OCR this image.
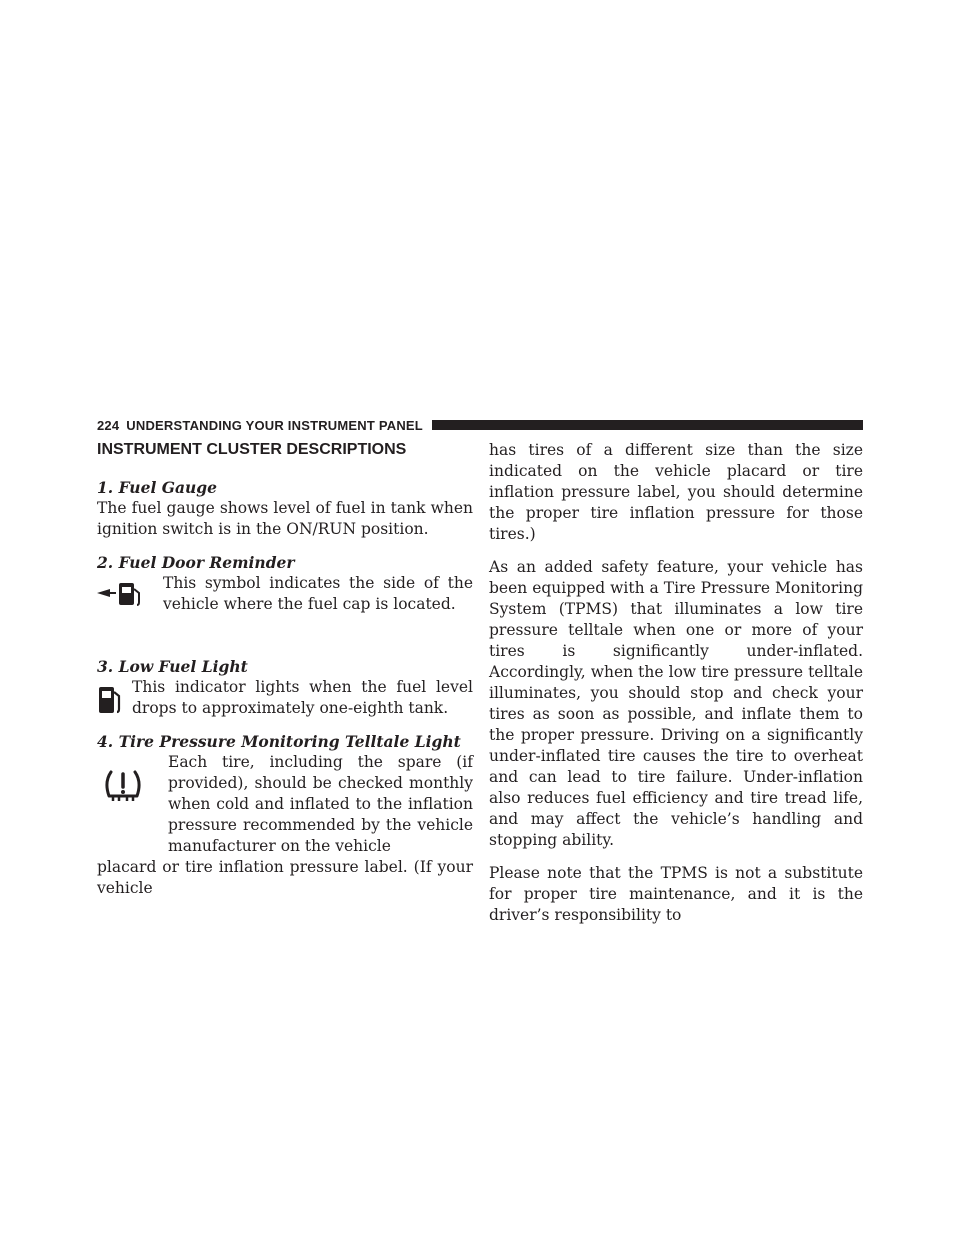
224 UNDERSTANDING YOUR INSTRUMENT PANEL
INSTRUMENT CLUSTER DESCRIPTIONS
1. Fuel Gauge

The fuel gauge shows level of fuel in tank when ignition switch is in the ON/RUN position.

2. Fuel Door Reminder
This symbol indicates the side of the vehicle where the fuel cap is located.
3. Low Fuel Light
This indicator lights when the fuel level drops to approximately one-eighth tank.
4. Tire Pressure Monitoring Telltale Light
Each tire, including the spare (if provided), should be checked monthly when cold and inflated to the inflation pressure recommended by the vehicle manufacturer on the vehicle

placard or tire inflation pressure label. (If your vehicle

has tires of a different size than the size indicated on the vehicle placard or tire inflation pressure label, you should determine the proper tire inflation pressure for those tires.)

As an added safety feature, your vehicle has been equipped with a Tire Pressure Monitoring System (TPMS) that illuminates a low tire pressure telltale when one or more of your tires is significantly under-inflated. Accordingly, when the low tire pressure telltale illuminates, you should stop and check your tires as soon as possible, and inflate them to the proper pressure. Driving on a significantly under-inflated tire causes the tire to overheat and can lead to tire failure. Under-inflation also reduces fuel efficiency and tire tread life, and may affect the vehicle’s handling and stopping ability.

Please note that the TPMS is not a substitute for proper tire maintenance, and it is the driver’s responsibility to
